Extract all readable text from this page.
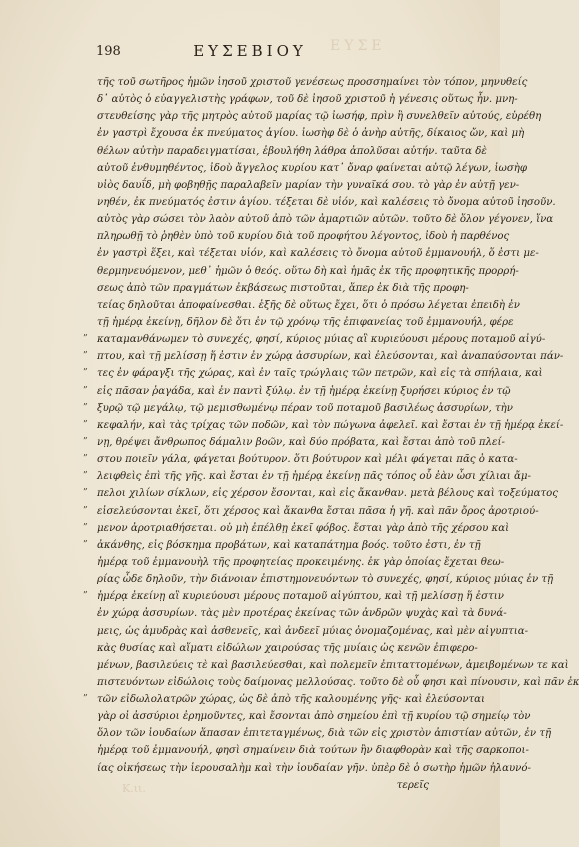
ΕΥΣΕ
198	ΕΥΣΕΒΙΟΥ
τῆς τοῦ σωτῆρος ἡμῶν ἰησοῦ χριστοῦ γενέσεως προσσημαίνει τὸν τόπον, μηνυθείς
δ᾽ αὐτὸς ὁ εὐαγγελιστὴς γράφων, τοῦ δὲ ἰησοῦ χριστοῦ ἡ γένεσις οὕτως ἦν. μνη-
στευθείσης γὰρ τῆς μητρὸς αὐτοῦ μαρίας τῷ ἰωσήφ, πρὶν ἢ συνελθεῖν αὐτούς, εὑρέθη
ἐν γαστρὶ ἔχουσα ἐκ πνεύματος ἁγίου. ἰωσὴφ δὲ ὁ ἀνὴρ αὐτῆς, δίκαιος ὤν, καὶ μὴ
θέλων αὐτὴν παραδειγματίσαι, ἐβουλήθη λάθρα ἀπολῦσαι αὐτήν. ταῦτα δὲ
αὐτοῦ ἐνθυμηθέντος, ἰδοὺ ἄγγελος κυρίου κατ᾽ ὄναρ φαίνεται αὐτῷ λέγων, ἰωσὴφ
υἱὸς δαυΐδ, μὴ φοβηθῇς παραλαβεῖν μαρίαν τὴν γυναῖκά σου. τὸ γὰρ ἐν αὐτῇ γεν-
νηθέν, ἐκ πνεύματός ἐστιν ἁγίου. τέξεται δὲ υἱόν, καὶ καλέσεις τὸ ὄνομα αὐτοῦ ἰησοῦν.
αὐτὸς γὰρ σώσει τὸν λαὸν αὐτοῦ ἀπὸ τῶν ἁμαρτιῶν αὐτῶν. τοῦτο δὲ ὅλον γέγονεν, ἵνα
πληρωθῇ τὸ ῥηθὲν ὑπὸ τοῦ κυρίου διὰ τοῦ προφήτου λέγοντος, ἰδοὺ ἡ παρθένος
ἐν γαστρὶ ἕξει, καὶ τέξεται υἱόν, καὶ καλέσεις τὸ ὄνομα αὐτοῦ ἐμμανουήλ, ὅ ἐστι με-
θερμηνευόμενον, μεθ᾽ ἡμῶν ὁ θεός. οὕτω δὴ καὶ ἡμᾶς ἐκ τῆς προφητικῆς προρρή-
σεως ἀπὸ τῶν πραγμάτων ἐκβάσεως πιστοῦται, ἅπερ ἐκ διὰ τῆς προφη-
τείας δηλοῦται ἀποφαίνεσθαι. ἑξῆς δὲ οὕτως ἔχει, ὅτι ὁ πρόσω λέγεται ἐπειδὴ ἐν
τῇ ἡμέρᾳ ἐκείνῃ, δῆλον δὲ ὅτι ἐν τῷ χρόνῳ τῆς ἐπιφανείας τοῦ ἐμμανουήλ, φέρε
” καταμανθάνωμεν τὸ συνεχές, φησί, κύριος μύιας αἳ κυριεύουσι μέρους ποταμοῦ αἰγύ-
” πτου, καὶ τῇ μελίσσῃ ἥ ἐστιν ἐν χώρᾳ ἀσσυρίων, καὶ ἐλεύσονται, καὶ ἀναπαύσονται πάν-
” τες ἐν φάραγξι τῆς χώρας, καὶ ἐν ταῖς τρώγλαις τῶν πετρῶν, καὶ εἰς τὰ σπήλαια, καὶ
” εἰς πᾶσαν ῥαγάδα, καὶ ἐν παντὶ ξύλῳ. ἐν τῇ ἡμέρᾳ ἐκείνῃ ξυρήσει κύριος ἐν τῷ
” ξυρῷ τῷ μεγάλῳ, τῷ μεμισθωμένῳ πέραν τοῦ ποταμοῦ βασιλέως ἀσσυρίων, τὴν
” κεφαλήν, καὶ τὰς τρίχας τῶν ποδῶν, καὶ τὸν πώγωνα ἀφελεῖ. καὶ ἔσται ἐν τῇ ἡμέρᾳ ἐκεί-
” νῃ, θρέψει ἄνθρωπος δάμαλιν βοῶν, καὶ δύο πρόβατα, καὶ ἔσται ἀπὸ τοῦ πλεί-
” στου ποιεῖν γάλα, φάγεται βούτυρον. ὅτι βούτυρον καὶ μέλι φάγεται πᾶς ὁ κατα-
” λειφθεὶς ἐπὶ τῆς γῆς. καὶ ἔσται ἐν τῇ ἡμέρᾳ ἐκείνῃ πᾶς τόπος οὗ ἐὰν ὦσι χίλιαι ἄμ-
” πελοι χιλίων σίκλων, εἰς χέρσον ἔσονται, καὶ εἰς ἄκανθαν. μετὰ βέλους καὶ τοξεύματος
” εἰσελεύσονται ἐκεῖ, ὅτι χέρσος καὶ ἄκανθα ἔσται πᾶσα ἡ γῆ. καὶ πᾶν ὄρος ἀροτριού-
” μενον ἀροτριαθήσεται. οὐ μὴ ἐπέλθῃ ἐκεῖ φόβος. ἔσται γὰρ ἀπὸ τῆς χέρσου καὶ
” ἀκάνθης, εἰς βόσκημα προβάτων, καὶ καταπάτημα βοός. τοῦτο ἐστι, ἐν τῇ
ἡμέρᾳ τοῦ ἐμμανουὴλ τῆς προφητείας προκειμένης. ἐκ γὰρ ὁποίας ἔχεται θεω-
ρίας ὧδε δηλοῦν, τὴν διάνοιαν ἐπιστημονευόντων τὸ συνεχές, φησί, κύριος μύιας ἐν τῇ
” ἡμέρᾳ ἐκείνῃ αἳ κυριεύουσι μέρους ποταμοῦ αἰγύπτου, καὶ τῇ μελίσσῃ ἥ ἐστιν
ἐν χώρᾳ ἀσσυρίων. τὰς μὲν προτέρας ἐκείνας τῶν ἀνδρῶν ψυχὰς καὶ τὰ δυνά-
μεις, ὡς ἀμυδρὰς καὶ ἀσθενεῖς, καὶ ἀνδεεῖ μύιας ὀνομαζομένας, καὶ μὲν αἰγυπτια-
κὰς θυσίας καὶ αἵματι εἰδώλων χαιρούσας τῆς μυίαις ὡς κενῶν ἐπιφερο-
μένων, βασιλεύεις τὲ καὶ βασιλεύεσθαι, καὶ πολεμεῖν ἐπιταττομένων, ἀμειβομένων τε καὶ
πιστευόντων εἰδώλοις τοὺς δαίμονας μελλούσας. τοῦτο δὲ οὗ φησι καὶ πίνουσιν, καὶ πᾶν ἐκ
” τῶν εἰδωλολατρῶν χώρας, ὡς δὲ ἀπὸ τῆς καλουμένης γῆς· καὶ ἐλεύσονται
γὰρ οἱ ἀσσύριοι ἐρημοῦντες, καὶ ἔσονται ἀπὸ σημείου ἐπὶ τῇ κυρίου τῷ σημείῳ τὸν
ὅλον τῶν ἰουδαίων ἅπασαν ἐπιτεταγμένως, διὰ τῶν εἰς χριστὸν ἀπιστίαν αὐτῶν, ἐν τῇ
ἡμέρᾳ τοῦ ἐμμανουήλ, φησὶ σημαίνειν διὰ τούτων ἢν διαφθορὰν καὶ τῆς σαρκοποι-
ίας οἰκήσεως τὴν ἱερουσαλὴμ καὶ τὴν ἰουδαίαν γῆν. ὑπὲρ δὲ ὁ σωτὴρ ἡμῶν ἠλαυνό-
τερεῖς
Κ.ιι.
